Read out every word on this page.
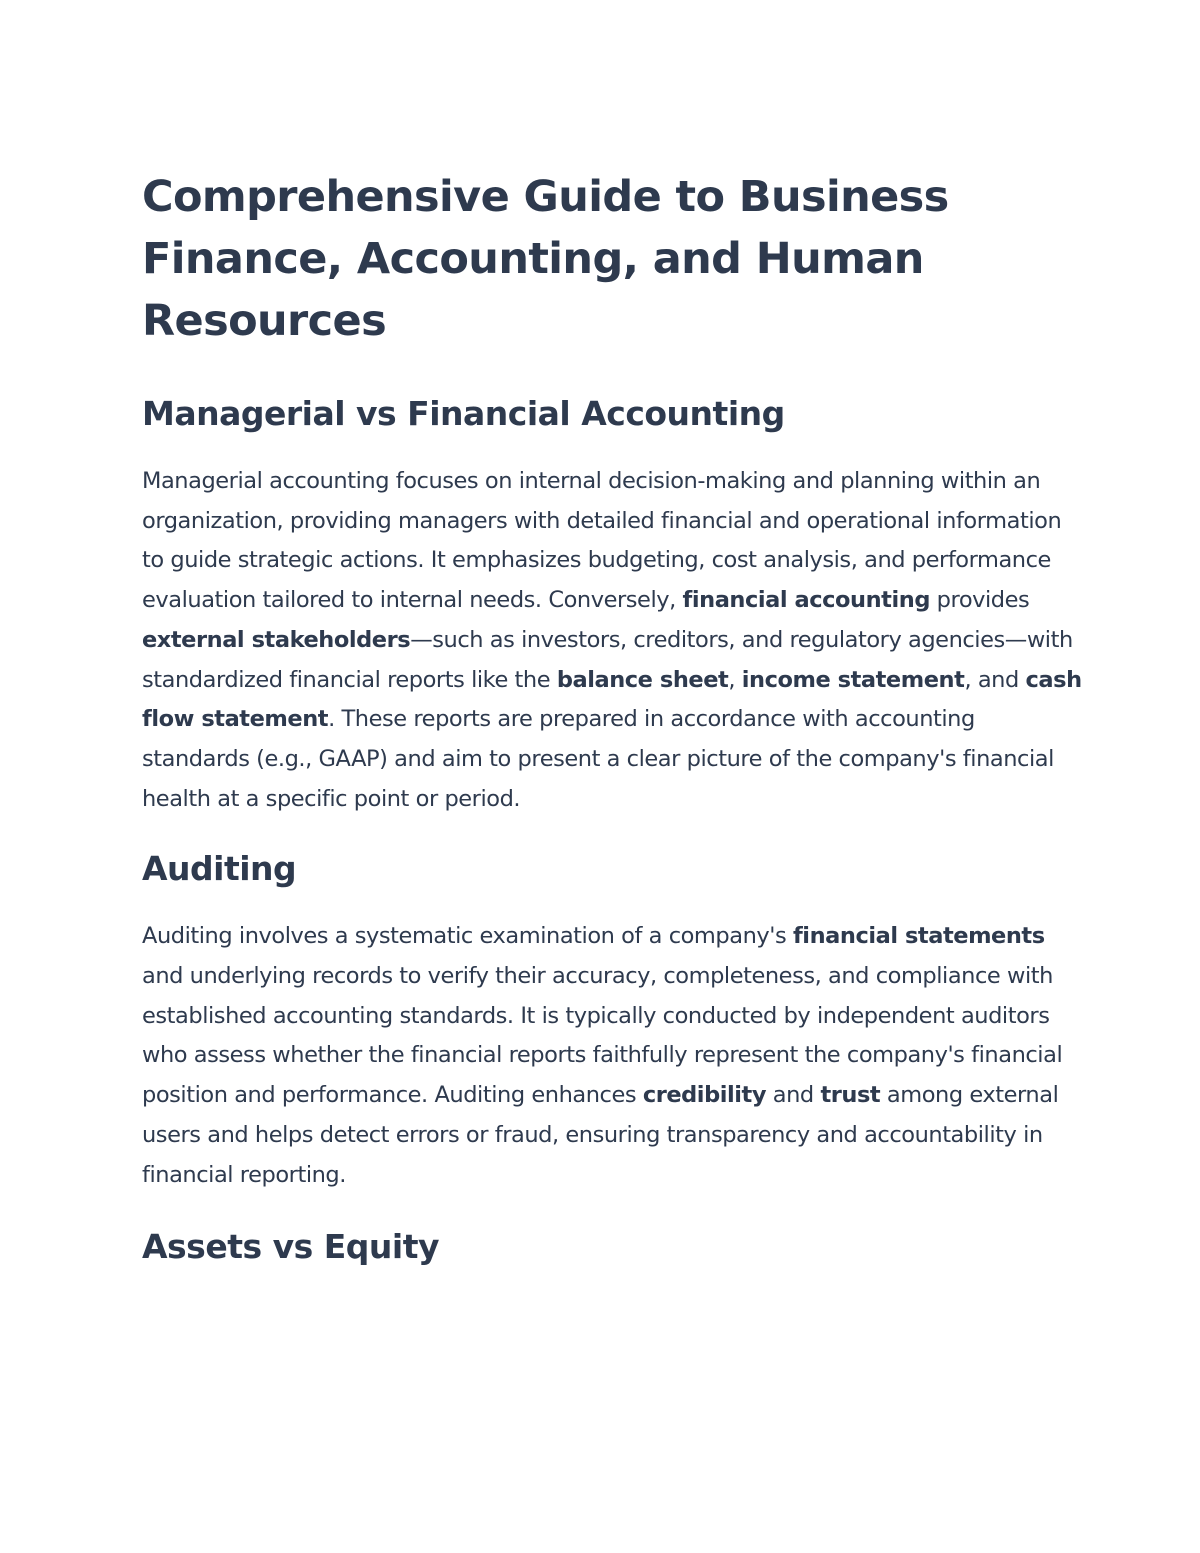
Comprehensive Guide to Business Finance, Accounting, and Human Resources
Managerial vs Financial Accounting

Managerial accounting focuses on internal decision-making and planning within an organization, providing managers with detailed financial and operational information to guide strategic actions. It emphasizes budgeting, cost analysis, and performance evaluation tailored to internal needs. Conversely, financial accounting provides external stakeholders—such as investors, creditors, and regulatory agencies—with standardized financial reports like the balance sheet, income statement, and cash flow statement. These reports are prepared in accordance with accounting standards (e.g., GAAP) and aim to present a clear picture of the company's financial health at a specific point or period.

Auditing

Auditing involves a systematic examination of a company's financial statements and underlying records to verify their accuracy, completeness, and compliance with established accounting standards. It is typically conducted by independent auditors who assess whether the financial reports faithfully represent the company's financial position and performance. Auditing enhances credibility and trust among external users and helps detect errors or fraud, ensuring transparency and accountability in financial reporting.

Assets vs Equity
